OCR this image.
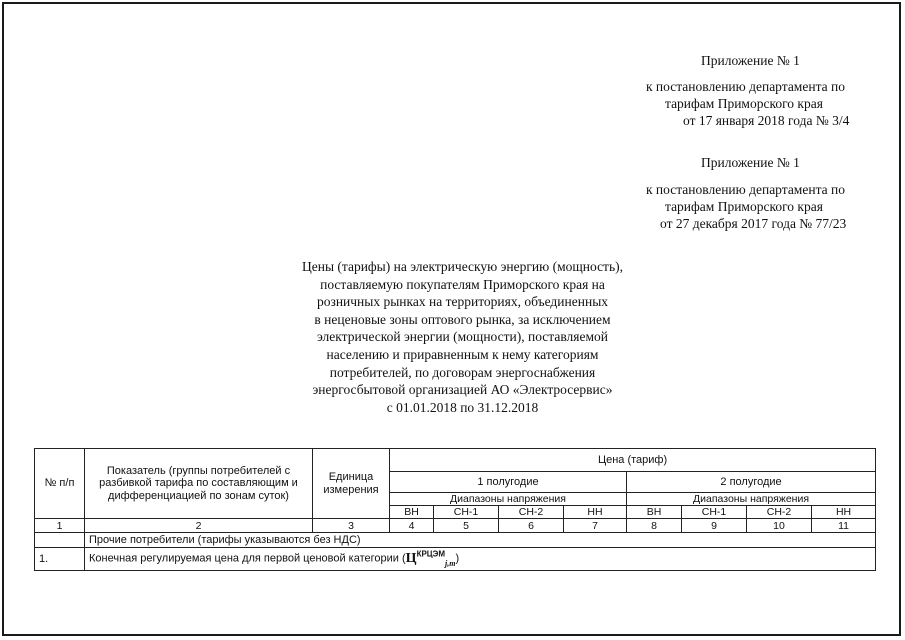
Приложение № 1
к постановлению департамента по
тарифам Приморского края
от 17 января 2018 года № 3/4
Приложение № 1
к постановлению департамента по
тарифам Приморского края
от 27 декабря 2017 года № 77/23
Цены (тарифы) на электрическую энергию (мощность),
поставляемую покупателям Приморского края на
розничных рынках на территориях, объединенных
в неценовые зоны оптового рынка, за исключением
электрической энергии (мощности), поставляемой
населению и приравненным к нему категориям
потребителей, по договорам энергоснабжения
энергосбытовой организацией АО «Электросервис»
с 01.01.2018 по 31.12.2018
№ п/п	Показатель (группы потребителей с разбивкой тарифа по составляющим и дифференциацией по зонам суток)	Единица измерения	Цена (тариф)							
			1 полугодие				2 полугодие			
			Диапазоны напряжения				Диапазоны напряжения			
			ВН	СН-1	СН-2	НН	ВН	СН-1	СН-2	НН
1	2	3	4	5	6	7	8	9	10	11
	Прочие потребители (тарифы указываются без НДС)									
1.	Конечная регулируемая цена для первой ценовой категории $(Ц^{КРЦЭМ}_{j,m})$									
